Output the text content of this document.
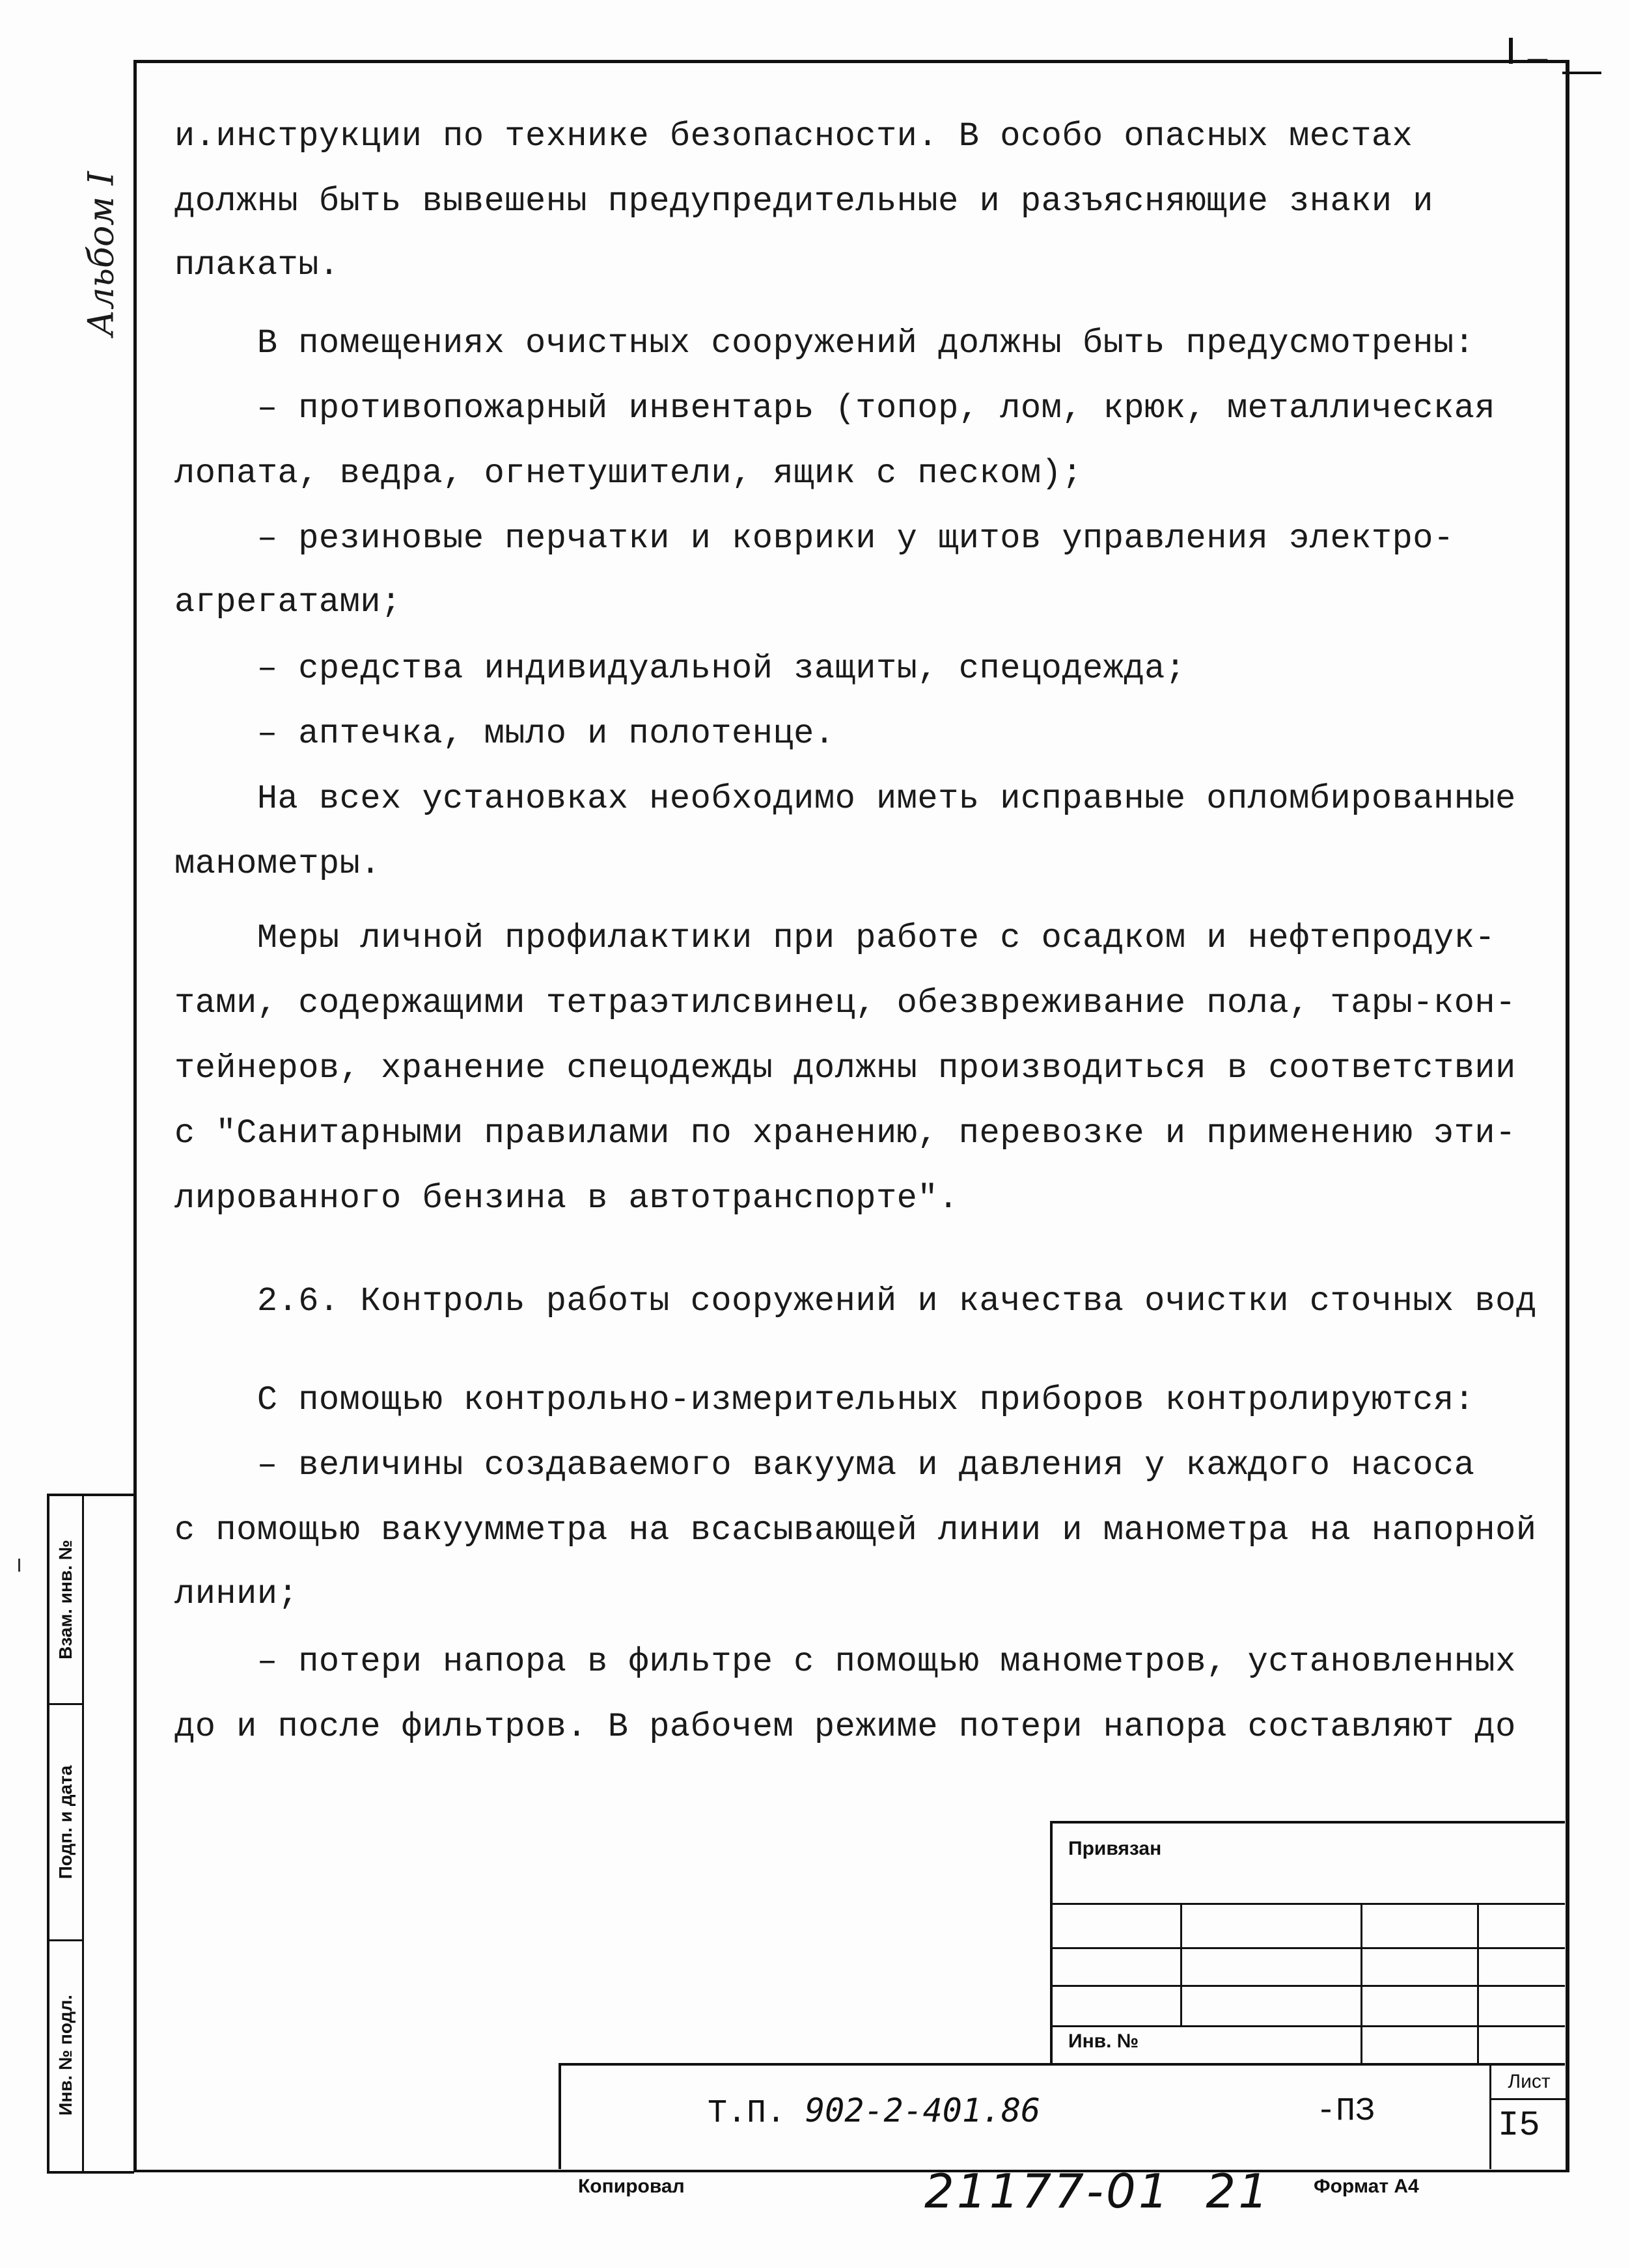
—
Альбом I
и.инструкции по технике безопасности. В особо опасных местах
должны быть вывешены предупредительные и разъясняющие знаки и
плакаты.
В помещениях очистных сооружений должны быть предусмотрены:
– противопожарный инвентарь (топор, лом, крюк, металлическая
лопата, ведра, огнетушители, ящик с песком);
– резиновые перчатки и коврики у щитов управления электро-
агрегатами;
– средства индивидуальной защиты, спецодежда;
– аптечка, мыло и полотенце.
На всех установках необходимо иметь исправные опломбированные
манометры.
Меры личной профилактики при работе с осадком и нефтепродук-
тами, содержащими тетраэтилсвинец, обезвреживание пола, тары-кон-
тейнеров, хранение спецодежды должны производиться в соответствии
с "Санитарными правилами по хранению, перевозке и применению эти-
лированного бензина в автотранспорте".
2.6. Контроль работы сооружений и качества очистки сточных вод
С помощью контрольно-измерительных приборов контролируются:
– величины создаваемого вакуума и давления у каждого насоса
с помощью вакуумметра на всасывающей линии и манометра на напорной
линии;
– потери напора в фильтре с помощью манометров, установленных
до и после фильтров. В рабочем режиме потери напора составляют до
Взам. инв. №
Подп. и дата
Инв. № подл.
Привязан
Инв. №
Т.П. 902-2-401.86	-ПЗ
Лист
I5
Копировал	21177-01  21 Формат А4
